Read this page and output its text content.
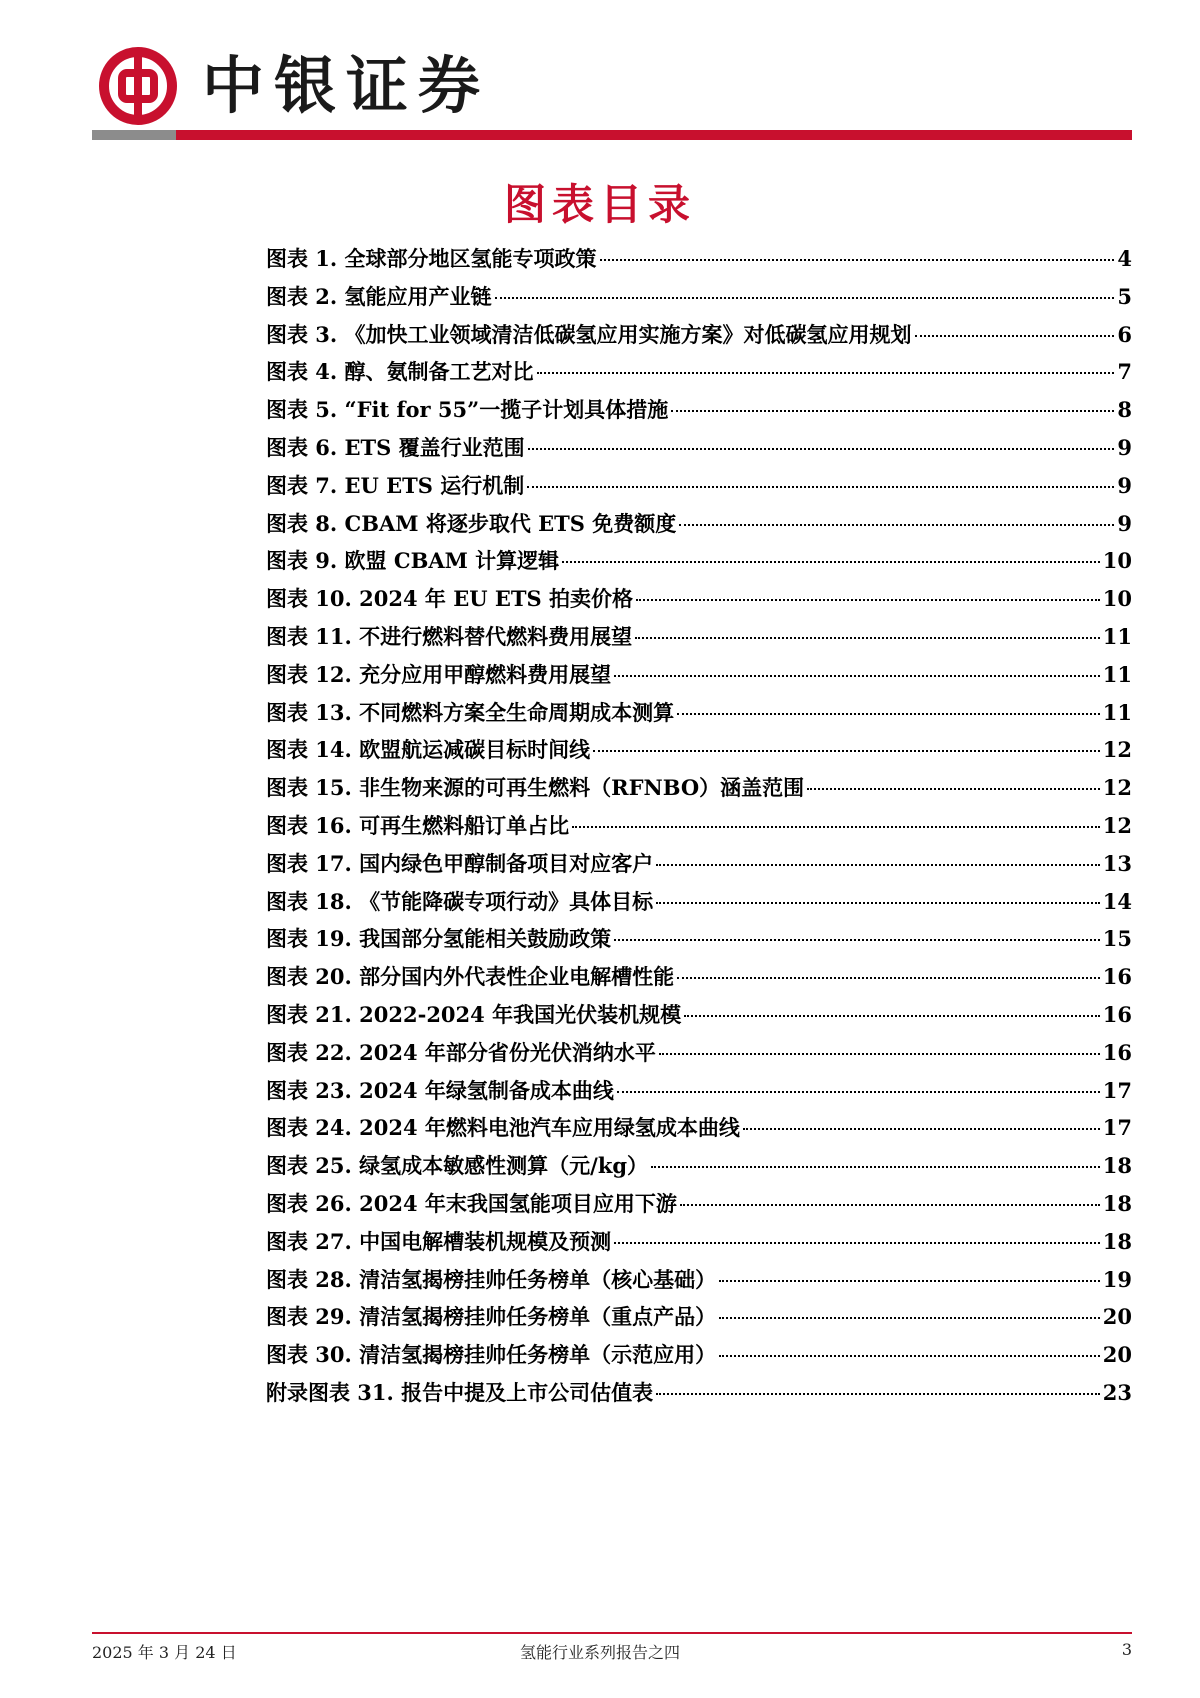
中银证券
图表目录
图表 1. 全球部分地区氢能专项政策	4
图表 2. 氢能应用产业链	5
图表 3. 《加快工业领域清洁低碳氢应用实施方案》对低碳氢应用规划	6
图表 4. 醇、氨制备工艺对比	7
图表 5. “Fit for 55”一揽子计划具体措施	8
图表 6. ETS 覆盖行业范围	9
图表 7. EU ETS 运行机制	9
图表 8. CBAM 将逐步取代 ETS 免费额度	9
图表 9. 欧盟 CBAM 计算逻辑	10
图表 10. 2024 年 EU ETS 拍卖价格	10
图表 11. 不进行燃料替代燃料费用展望	11
图表 12. 充分应用甲醇燃料费用展望	11
图表 13. 不同燃料方案全生命周期成本测算	11
图表 14. 欧盟航运减碳目标时间线	12
图表 15. 非生物来源的可再生燃料（RFNBO）涵盖范围	12
图表 16. 可再生燃料船订单占比	12
图表 17. 国内绿色甲醇制备项目对应客户	13
图表 18. 《节能降碳专项行动》具体目标	14
图表 19. 我国部分氢能相关鼓励政策	15
图表 20. 部分国内外代表性企业电解槽性能	16
图表 21. 2022-2024 年我国光伏装机规模	16
图表 22. 2024 年部分省份光伏消纳水平	16
图表 23. 2024 年绿氢制备成本曲线	17
图表 24. 2024 年燃料电池汽车应用绿氢成本曲线	17
图表 25. 绿氢成本敏感性测算（元/kg）	18
图表 26. 2024 年末我国氢能项目应用下游	18
图表 27. 中国电解槽装机规模及预测	18
图表 28. 清洁氢揭榜挂帅任务榜单（核心基础）	19
图表 29. 清洁氢揭榜挂帅任务榜单（重点产品）	20
图表 30. 清洁氢揭榜挂帅任务榜单（示范应用）	20
附录图表 31. 报告中提及上市公司估值表	23
2025 年 3 月 24 日	氢能行业系列报告之四	3
